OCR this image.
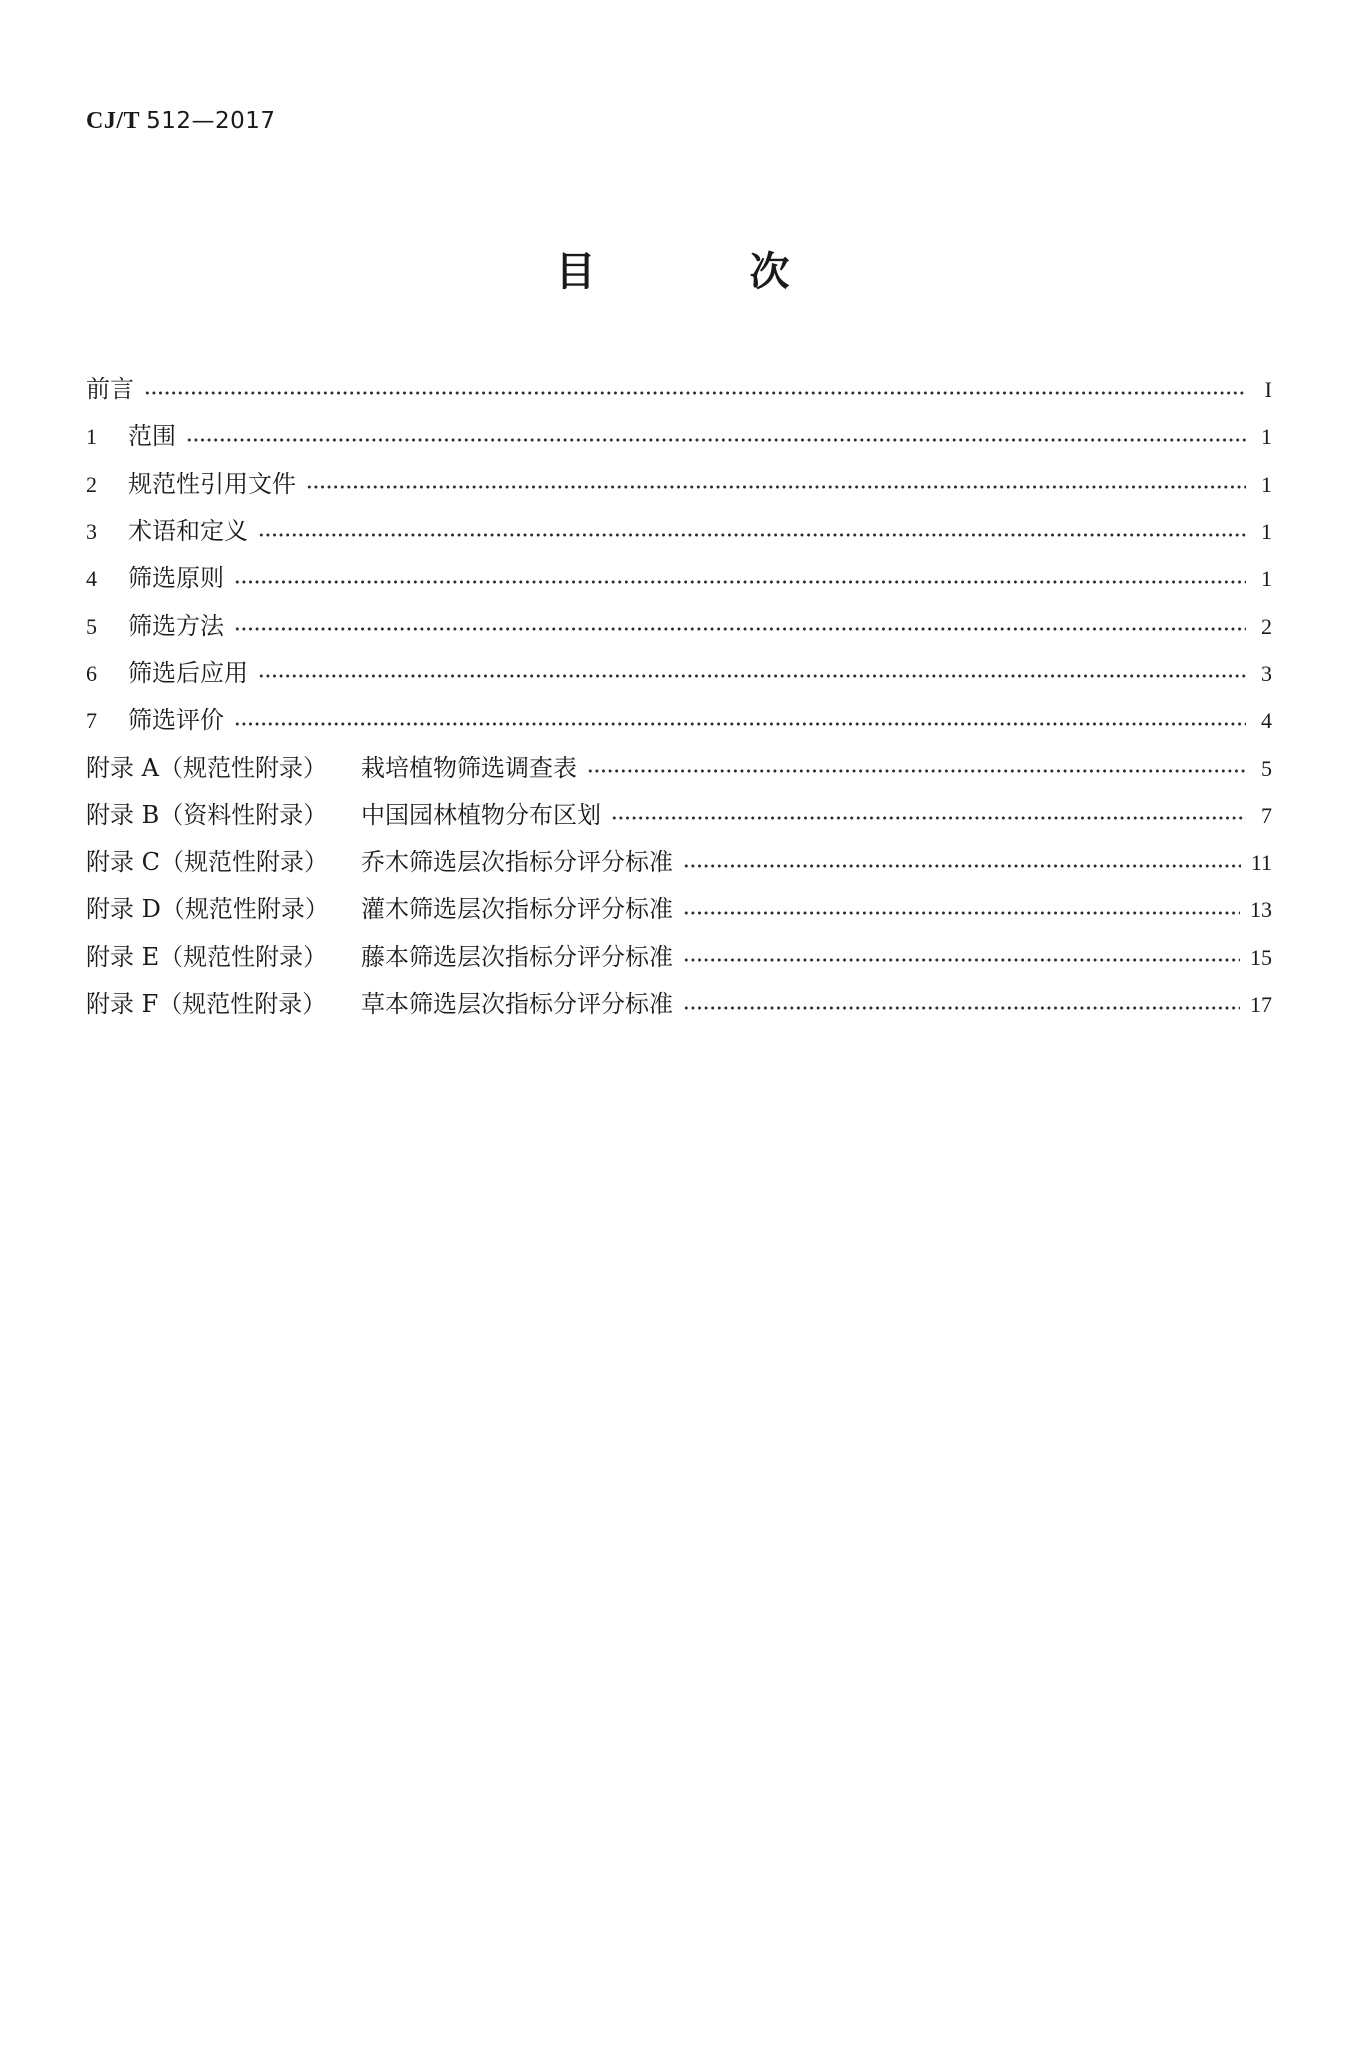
CJ/T 512—2017
目 次
前言	I
1	范围	1
2	规范性引用文件	1
3	术语和定义	1
4	筛选原则	1
5	筛选方法	2
6	筛选后应用	3
7	筛选评价	4
附录 A（规范性附录） 栽培植物筛选调查表	5
附录 B（资料性附录） 中国园林植物分布区划	7
附录 C（规范性附录） 乔木筛选层次指标分评分标准	11
附录 D（规范性附录） 灌木筛选层次指标分评分标准	13
附录 E（规范性附录） 藤本筛选层次指标分评分标准	15
附录 F（规范性附录） 草本筛选层次指标分评分标准	17
